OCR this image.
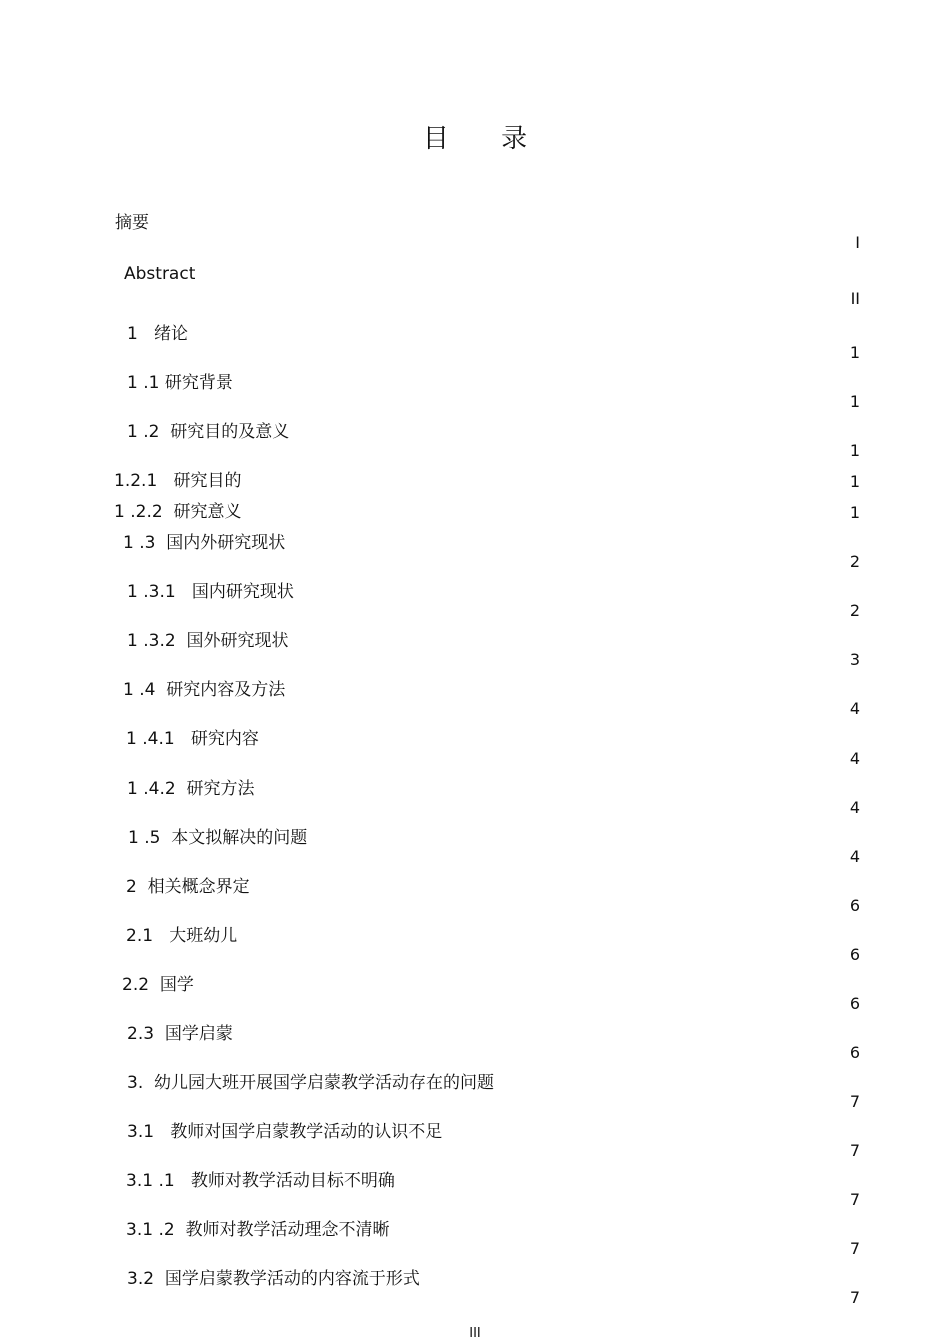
目 录
摘要
I
Abstract
II
1   绪论
1
1 .1 研究背景
1
1 .2  研究目的及意义
1
1.2.1   研究目的	1
1 .2.2  研究意义	1
1 .3  国内外研究现状
2
1 .3.1   国内研究现状
2
1 .3.2  国外研究现状
3
1 .4  研究内容及方法
4
1 .4.1   研究内容
4
1 .4.2  研究方法
4
1 .5  本文拟解决的问题
4
2  相关概念界定
6
2.1   大班幼儿
6
2.2  国学
6
2.3  国学启蒙
6
3.  幼儿园大班开展国学启蒙教学活动存在的问题
7
3.1   教师对国学启蒙教学活动的认识不足
7
3.1 .1   教师对教学活动目标不明确
7
3.1 .2  教师对教学活动理念不清晰
7
3.2  国学启蒙教学活动的内容流于形式
7
III
